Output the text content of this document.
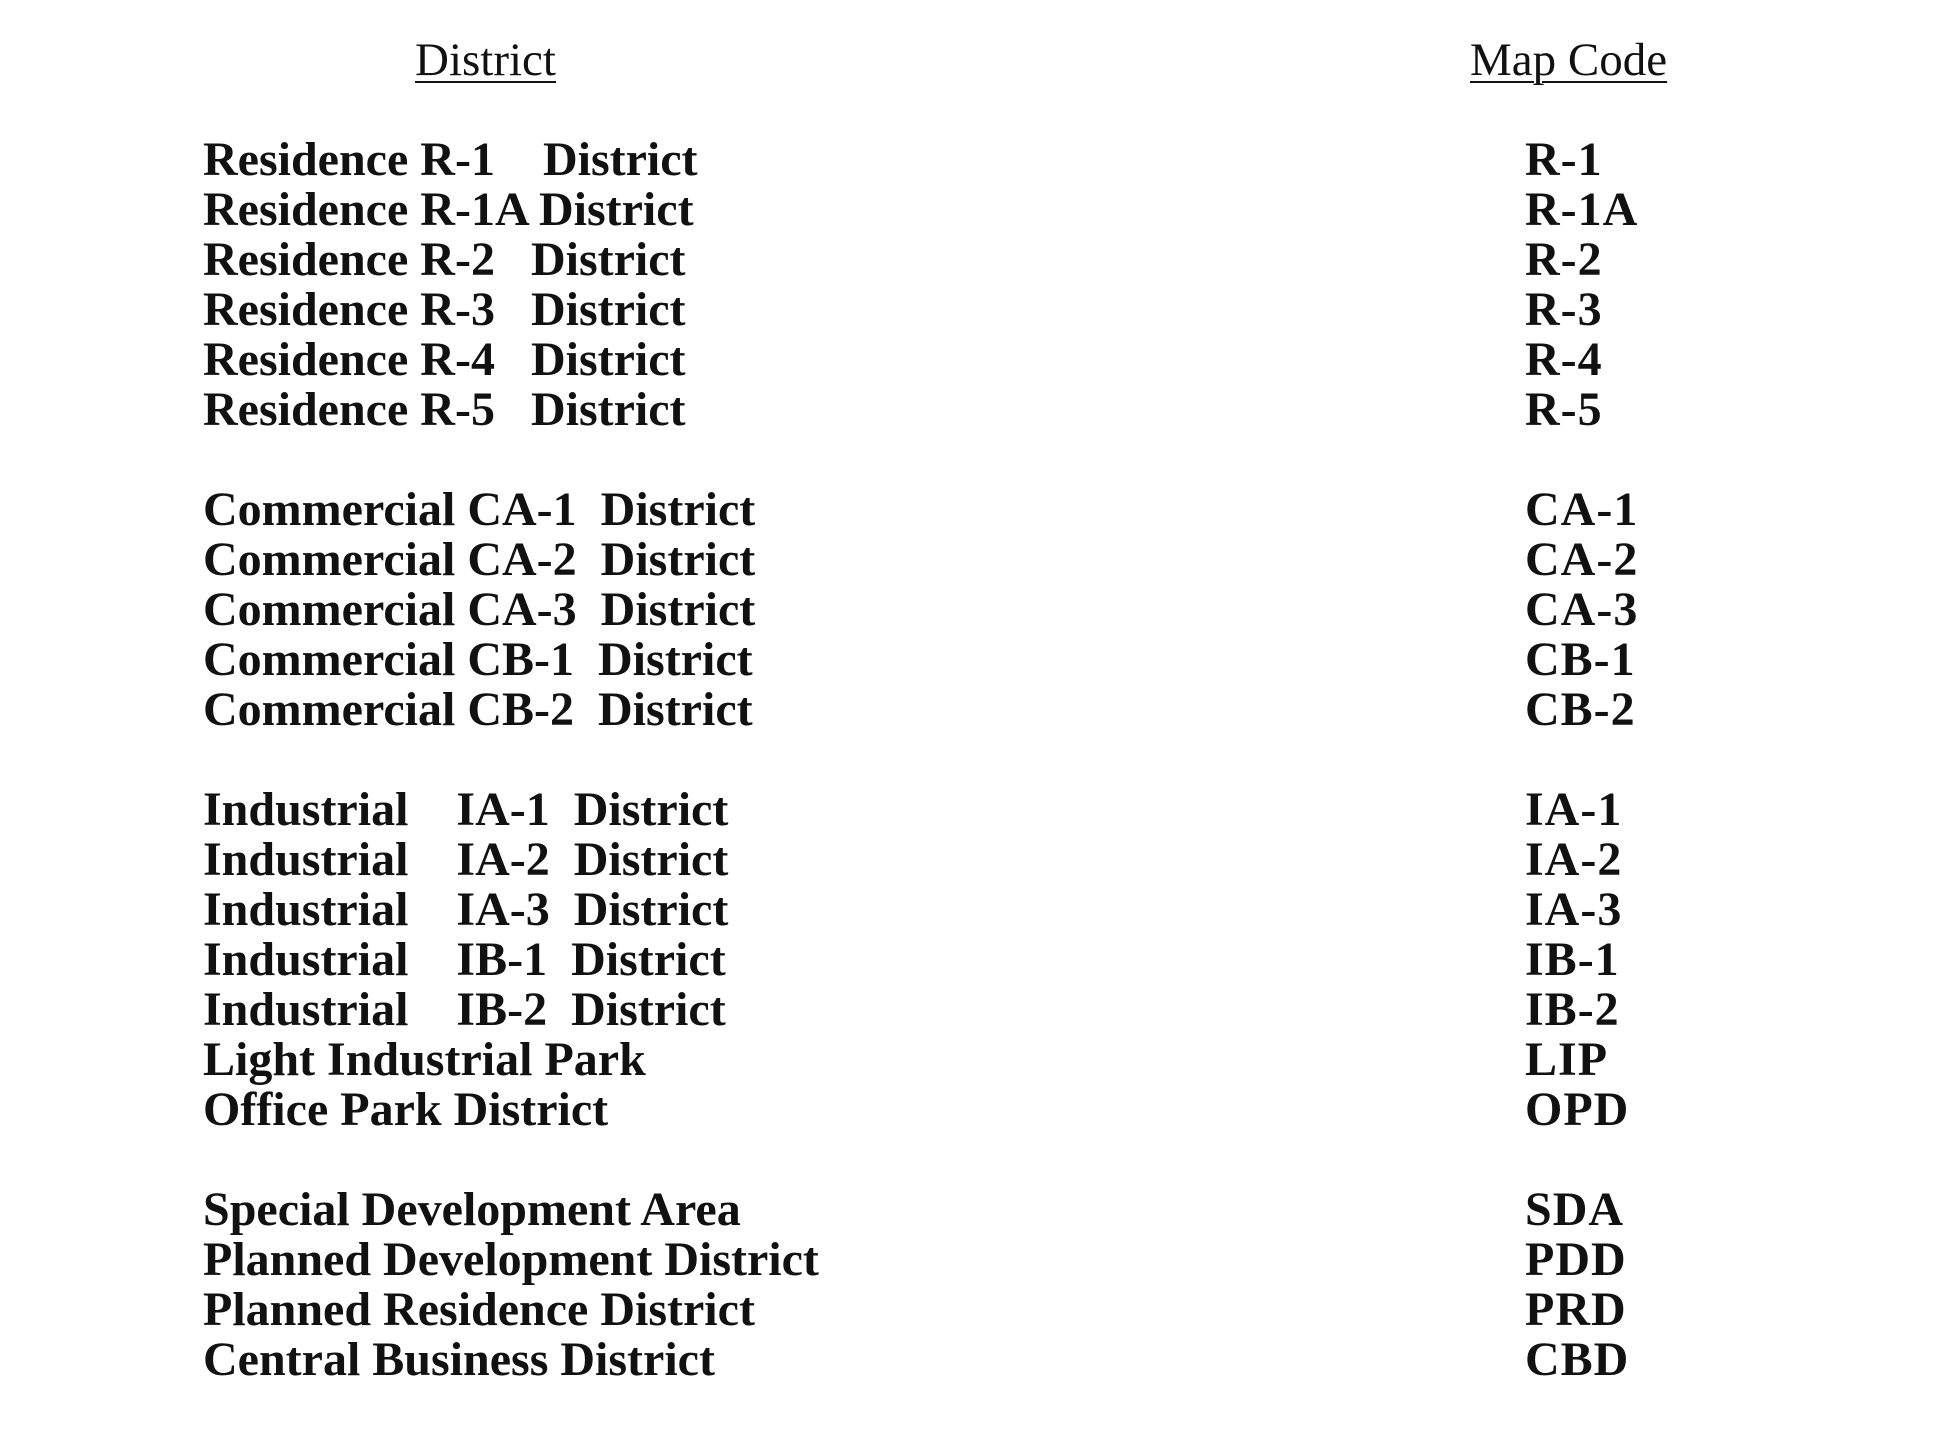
District	Map Code
Residence R-1    District	R-1
Residence R-1A District	R-1A
Residence R-2   District	R-2
Residence R-3   District	R-3
Residence R-4   District	R-4
Residence R-5   District	R-5
Commercial CA-1  District	CA-1
Commercial CA-2  District	CA-2
Commercial CA-3  District	CA-3
Commercial CB-1  District	CB-1
Commercial CB-2  District	CB-2
Industrial    IA-1  District	IA-1
Industrial    IA-2  District	IA-2
Industrial    IA-3  District	IA-3
Industrial    IB-1  District	IB-1
Industrial    IB-2  District	IB-2
Light Industrial Park	LIP
Office Park District	OPD
Special Development Area	SDA
Planned Development District	PDD
Planned Residence District	PRD
Central Business District	CBD
